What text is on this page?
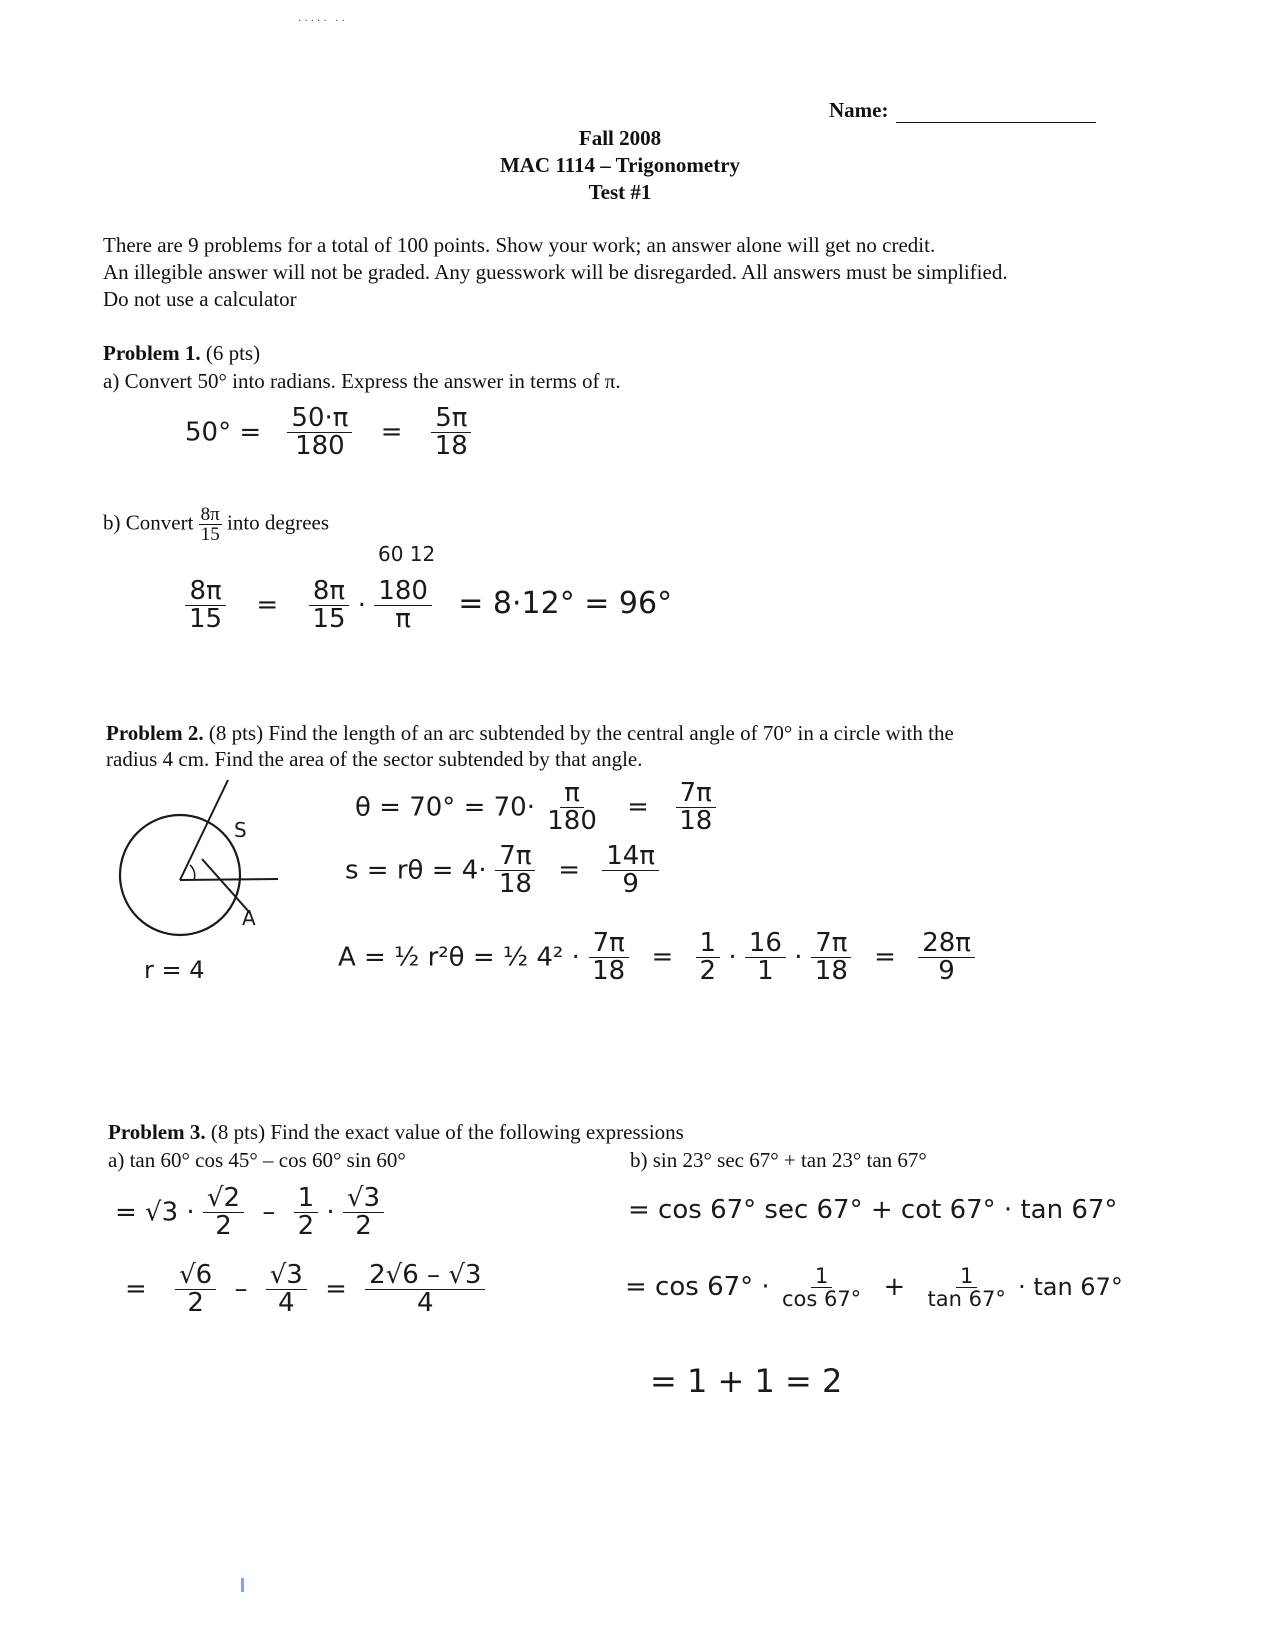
····· ··
Name:
Fall 2008
MAC 1114 – Trigonometry
Test #1
There are 9 problems for a total of 100 points. Show your work; an answer alone will get no credit.
An illegible answer will not be graded. Any guesswork will be disregarded. All answers must be simplified.
Do not use a calculator
Problem 1. (6 pts)
a) Convert 50° into radians. Express the answer in terms of π.
$50^\circ = \frac{50\cdot\pi}{180} = \frac{5\pi}{18}$
b) Convert $\frac{8\pi}{15}$ into degrees
60 12
$\frac{8\pi}{15} = \frac{8\pi}{15} \cdot \frac{180}{\pi} = 8\cdot 12^\circ = 96^\circ$
Problem 2. (8 pts) Find the length of an arc subtended by the central angle of 70° in a circle with the
radius 4 cm. Find the area of the sector subtended by that angle.
S
A
r = 4
$\theta = 70^\circ = 70\cdot \frac{\pi}{180} = \frac{7\pi}{18}$
$s = r\theta = 4\cdot \frac{7\pi}{18} = \frac{14\pi}{9}$
A = ½ r²θ = ½ $4^2 \cdot \frac{7\pi}{18} = \frac{1}{2} \cdot \frac{16}{1} \cdot \frac{7\pi}{18} = \frac{28\pi}{9}$
Problem 3. (8 pts) Find the exact value of the following expressions
a) tan 60° cos 45° – cos 60° sin 60°	b) sin 23° sec 67° + tan 23° tan 67°
= $√3 \cdot \frac{√2}{2} - \frac{1}{2} \cdot \frac{√3}{2}$
= $\frac{√6}{2} - \frac{√3}{4} = \frac{2√6 - √3}{4}$
= cos 67° sec 67° + cot 67° · tan 67°
= $\cos 67^\circ \cdot \frac{1}{\cos 67^\circ} + \frac{1}{\tan 67^\circ} \cdot \tan 67^\circ$
= 1 + 1 = 2
